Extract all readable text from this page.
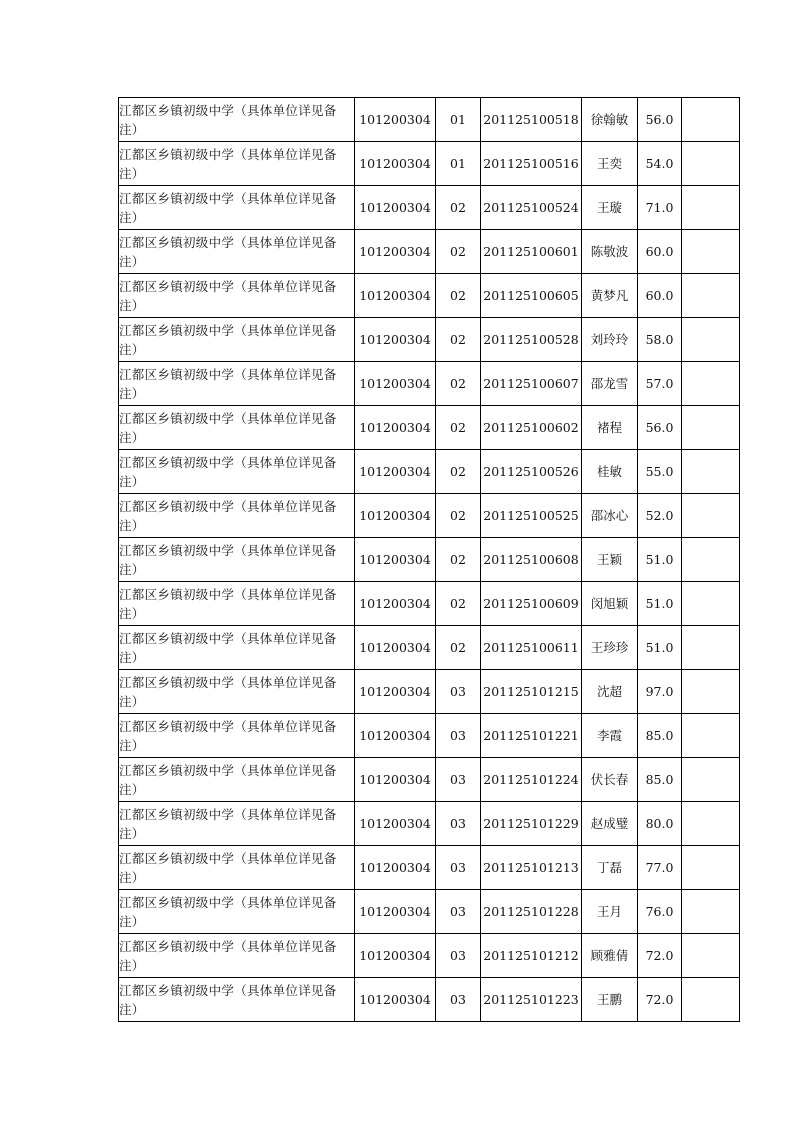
江都区乡镇初级中学（具体单位详见备注）	101200304	01	201125100518	徐翰敏	56.0	
江都区乡镇初级中学（具体单位详见备注）	101200304	01	201125100516	王奕	54.0	
江都区乡镇初级中学（具体单位详见备注）	101200304	02	201125100524	王璇	71.0	
江都区乡镇初级中学（具体单位详见备注）	101200304	02	201125100601	陈敬波	60.0	
江都区乡镇初级中学（具体单位详见备注）	101200304	02	201125100605	黄梦凡	60.0	
江都区乡镇初级中学（具体单位详见备注）	101200304	02	201125100528	刘玲玲	58.0	
江都区乡镇初级中学（具体单位详见备注）	101200304	02	201125100607	邵龙雪	57.0	
江都区乡镇初级中学（具体单位详见备注）	101200304	02	201125100602	褚程	56.0	
江都区乡镇初级中学（具体单位详见备注）	101200304	02	201125100526	桂敏	55.0	
江都区乡镇初级中学（具体单位详见备注）	101200304	02	201125100525	邵冰心	52.0	
江都区乡镇初级中学（具体单位详见备注）	101200304	02	201125100608	王颖	51.0	
江都区乡镇初级中学（具体单位详见备注）	101200304	02	201125100609	闵旭颖	51.0	
江都区乡镇初级中学（具体单位详见备注）	101200304	02	201125100611	王珍珍	51.0	
江都区乡镇初级中学（具体单位详见备注）	101200304	03	201125101215	沈超	97.0	
江都区乡镇初级中学（具体单位详见备注）	101200304	03	201125101221	李霞	85.0	
江都区乡镇初级中学（具体单位详见备注）	101200304	03	201125101224	伏长春	85.0	
江都区乡镇初级中学（具体单位详见备注）	101200304	03	201125101229	赵成璧	80.0	
江都区乡镇初级中学（具体单位详见备注）	101200304	03	201125101213	丁磊	77.0	
江都区乡镇初级中学（具体单位详见备注）	101200304	03	201125101228	王月	76.0	
江都区乡镇初级中学（具体单位详见备注）	101200304	03	201125101212	顾雅倩	72.0	
江都区乡镇初级中学（具体单位详见备注）	101200304	03	201125101223	王鹏	72.0	
